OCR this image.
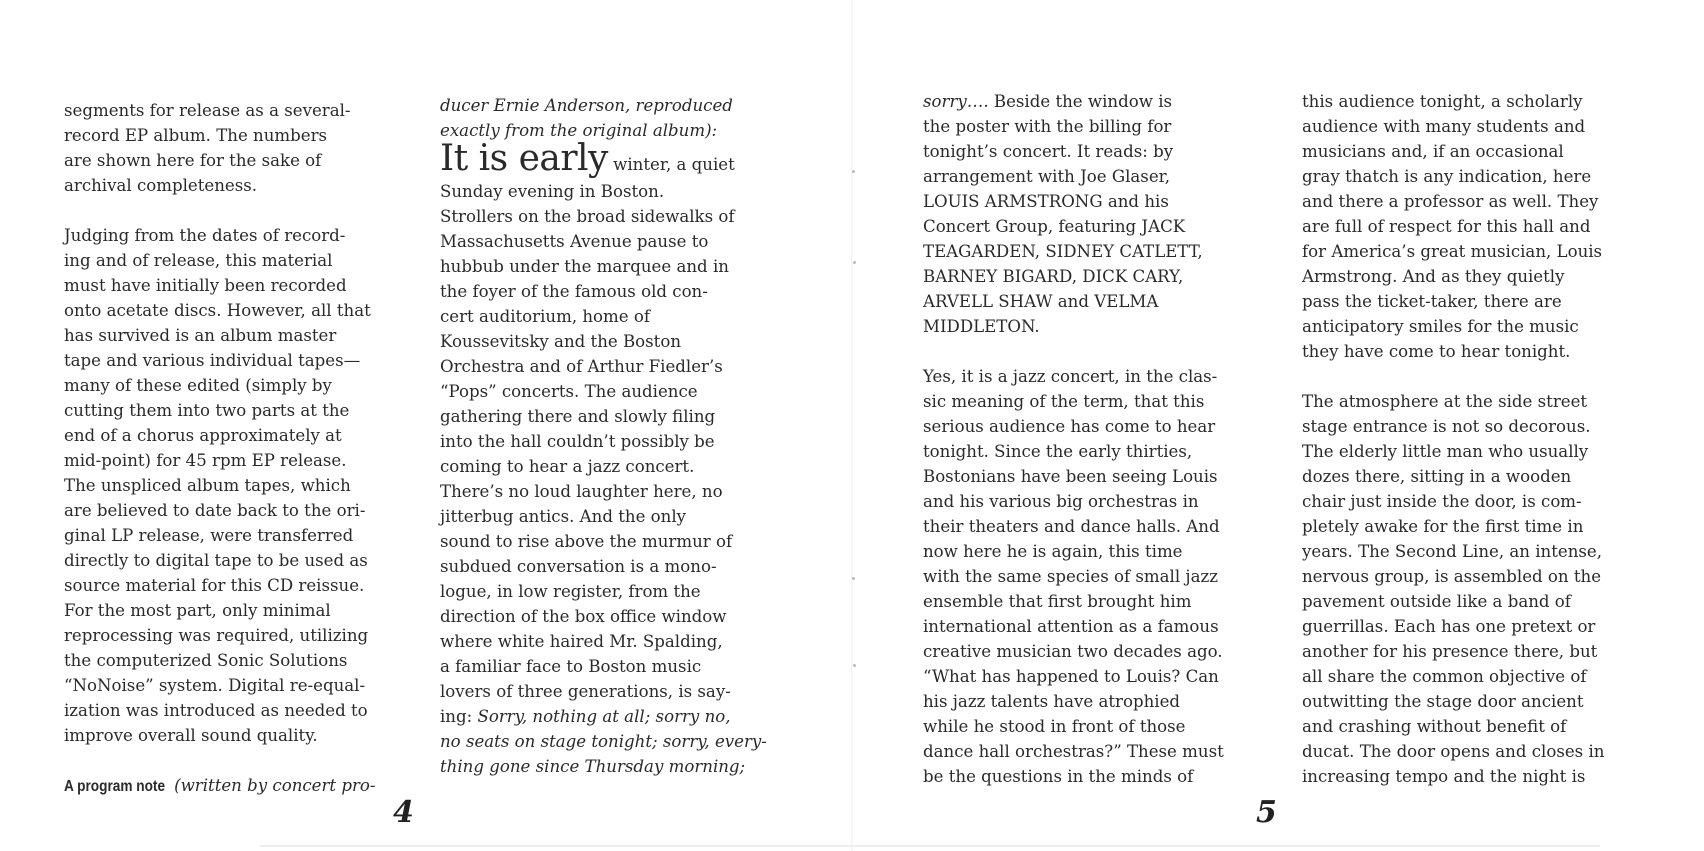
segments for release as a several-
record EP album. The numbers
are shown here for the sake of
archival completeness.
Judging from the dates of record-
ing and of release, this material
must have initially been recorded
onto acetate discs. However, all that
has survived is an album master
tape and various individual tapes—
many of these edited (simply by
cutting them into two parts at the
end of a chorus approximately at
mid-point) for 45 rpm EP release.
The unspliced album tapes, which
are believed to date back to the ori-
ginal LP release, were transferred
directly to digital tape to be used as
source material for this CD reissue.
For the most part, only minimal
reprocessing was required, utilizing
the computerized Sonic Solutions
“NoNoise” system. Digital re-equal-
ization was introduced as needed to
improve overall sound quality.
A program note (written by concert pro-
ducer Ernie Anderson, reproduced
exactly from the original album):
It is early winter, a quiet
Sunday evening in Boston.
Strollers on the broad sidewalks of
Massachusetts Avenue pause to
hubbub under the marquee and in
the foyer of the famous old con-
cert auditorium, home of
Koussevitsky and the Boston
Orchestra and of Arthur Fiedler’s
“Pops” concerts. The audience
gathering there and slowly filing
into the hall couldn’t possibly be
coming to hear a jazz concert.
There’s no loud laughter here, no
jitterbug antics. And the only
sound to rise above the murmur of
subdued conversation is a mono-
logue, in low register, from the
direction of the box office window
where white haired Mr. Spalding,
a familiar face to Boston music
lovers of three generations, is say-
ing: Sorry, nothing at all; sorry no,
no seats on stage tonight; sorry, every-
thing gone since Thursday morning;
sorry…. Beside the window is
the poster with the billing for
tonight’s concert. It reads: by
arrangement with Joe Glaser,
LOUIS ARMSTRONG and his
Concert Group, featuring JACK
TEAGARDEN, SIDNEY CATLETT,
BARNEY BIGARD, DICK CARY,
ARVELL SHAW and VELMA
MIDDLETON.
Yes, it is a jazz concert, in the clas-
sic meaning of the term, that this
serious audience has come to hear
tonight. Since the early thirties,
Bostonians have been seeing Louis
and his various big orchestras in
their theaters and dance halls. And
now here he is again, this time
with the same species of small jazz
ensemble that first brought him
international attention as a famous
creative musician two decades ago.
“What has happened to Louis? Can
his jazz talents have atrophied
while he stood in front of those
dance hall orchestras?” These must
be the questions in the minds of
this audience tonight, a scholarly
audience with many students and
musicians and, if an occasional
gray thatch is any indication, here
and there a professor as well. They
are full of respect for this hall and
for America’s great musician, Louis
Armstrong. And as they quietly
pass the ticket-taker, there are
anticipatory smiles for the music
they have come to hear tonight.
The atmosphere at the side street
stage entrance is not so decorous.
The elderly little man who usually
dozes there, sitting in a wooden
chair just inside the door, is com-
pletely awake for the first time in
years. The Second Line, an intense,
nervous group, is assembled on the
pavement outside like a band of
guerrillas. Each has one pretext or
another for his presence there, but
all share the common objective of
outwitting the stage door ancient
and crashing without benefit of
ducat. The door opens and closes in
increasing tempo and the night is
4	5
